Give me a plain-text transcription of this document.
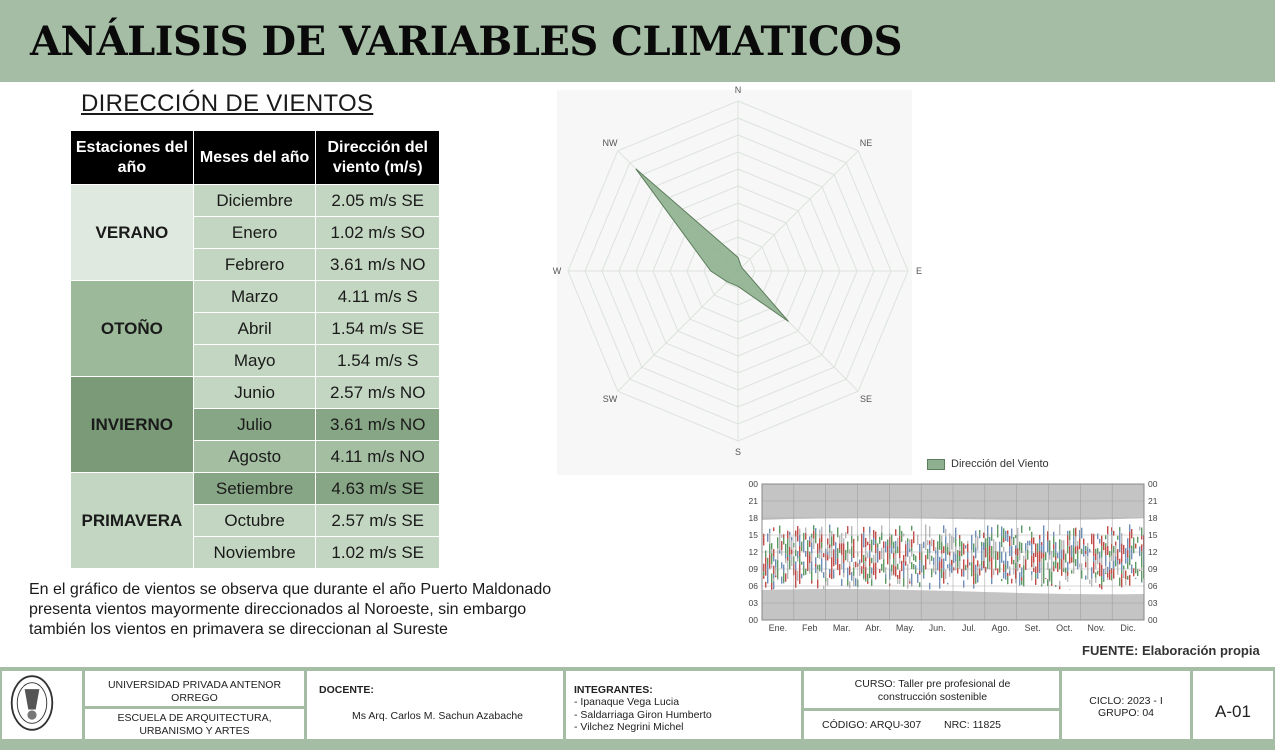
ANÁLISIS DE VARIABLES CLIMATICOS
DIRECCIÓN DE VIENTOS
Estaciones del año	Meses del año	Dirección del viento (m/s)
VERANO	Diciembre	2.05 m/s SE
	Enero	1.02 m/s SO
	Febrero	3.61 m/s NO
OTOÑO	Marzo	4.11 m/s S
	Abril	1.54 m/s SE
	Mayo	1.54 m/s S
INVIERNO	Junio	2.57 m/s NO
	Julio	3.61 m/s NO
	Agosto	4.11 m/s NO
PRIMAVERA	Setiembre	4.63 m/s SE
	Octubre	2.57 m/s SE
	Noviembre	1.02 m/s SE
N
NE
E
SE
S
SW
W
NW
Dirección del Viento
Ene. Feb Mar. Abr. May. Jun. Jul. Ago. Set. Oct. Nov. Dic.
00	00
21	21
18	18
15	15
12	12
09	09
06	06
03	03
00	00
En el gráfico de vientos se observa que durante el año Puerto Maldonado
presenta vientos mayormente direccionados al Noroeste, sin embargo
también los vientos en primavera se direccionan al Sureste
FUENTE: Elaboración propia
UNIVERSIDAD PRIVADA ANTENOR ORREGO
ESCUELA DE ARQUITECTURA, URBANISMO Y ARTES
DOCENTE:
Ms Arq. Carlos M. Sachun Azabache
INTEGRANTES:
- Ipanaque Vega Lucia
- Saldarriaga Giron Humberto
- Vilchez Negrini Michel
CURSO: Taller pre profesional de construcción sostenible
CÓDIGO: ARQU-307 NRC: 11825
CICLO: 2023 - I
GRUPO: 04	A-01
